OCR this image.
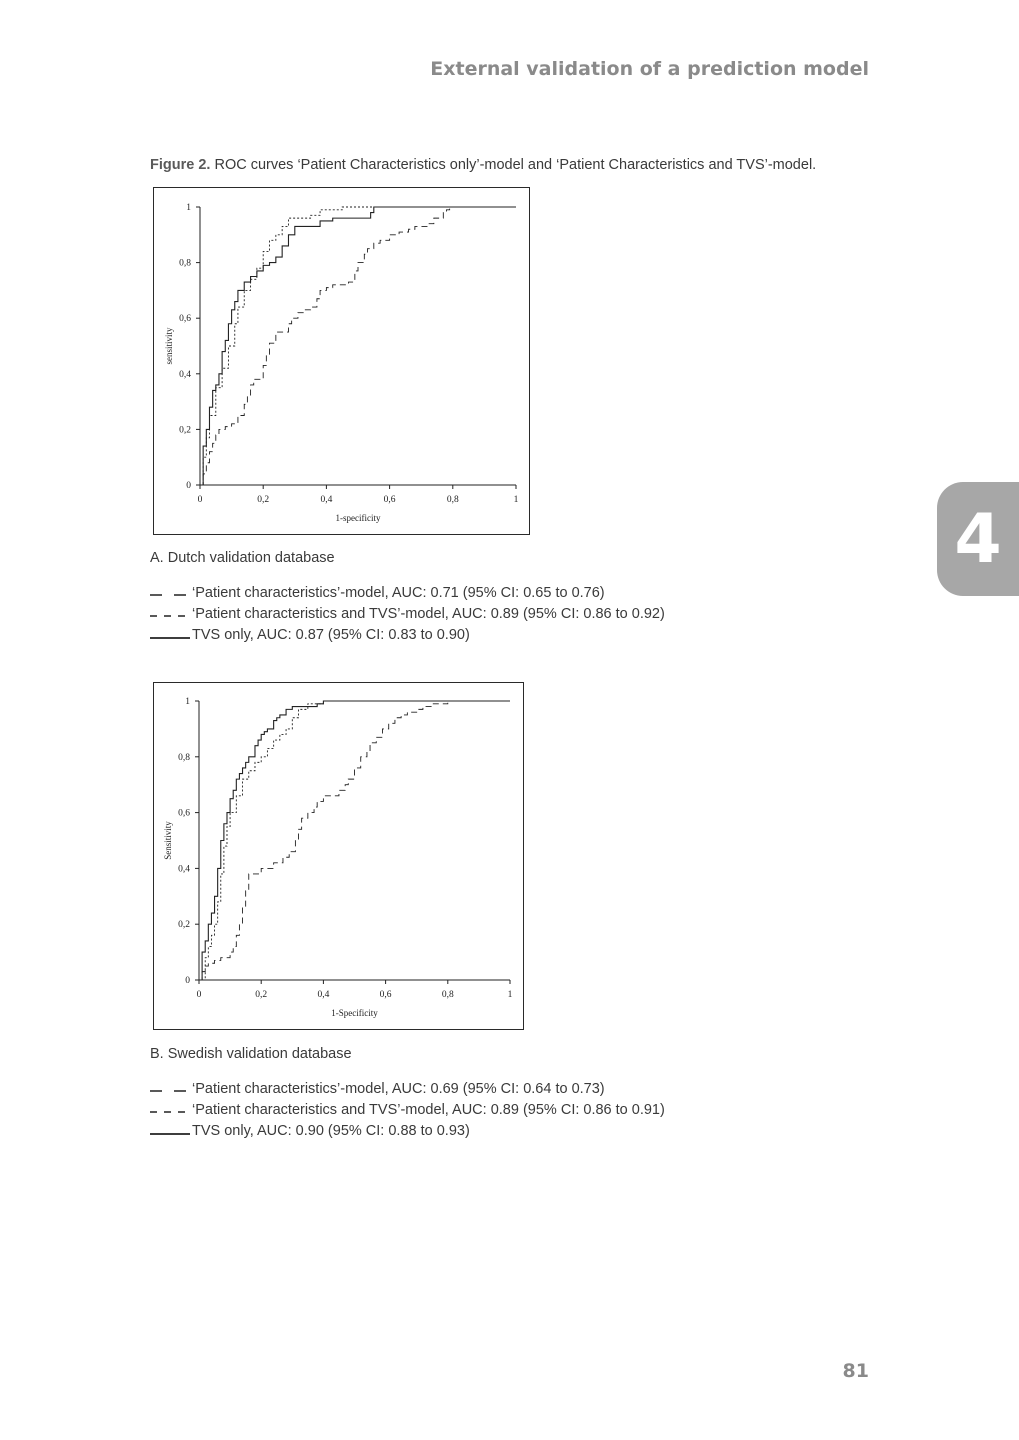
External validation of a prediction model
4
Figure 2. ROC curves ‘Patient Characteristics only’-model and ‘Patient Characteristics and TVS’-model.
0	0,2	0,4	0,6	0,8	1
0
0,2
0,4
0,6
0,8
1
1-specificity
sensitivity
A. Dutch validation database
‘Patient characteristics’-model, AUC: 0.71 (95% CI: 0.65 to 0.76)
‘Patient characteristics and TVS’-model, AUC: 0.89 (95% CI: 0.86 to 0.92)
TVS only, AUC: 0.87 (95% CI: 0.83 to 0.90)
0	0,2	0,4	0,6	0,8	1
0
0,2
0,4
0,6
0,8
1
1-Specificity
Sensitivity
B. Swedish validation database
‘Patient characteristics’-model, AUC: 0.69 (95% CI: 0.64 to 0.73)
‘Patient characteristics and TVS’-model, AUC: 0.89 (95% CI: 0.86 to 0.91)
TVS only, AUC: 0.90 (95% CI: 0.88 to 0.93)
81
